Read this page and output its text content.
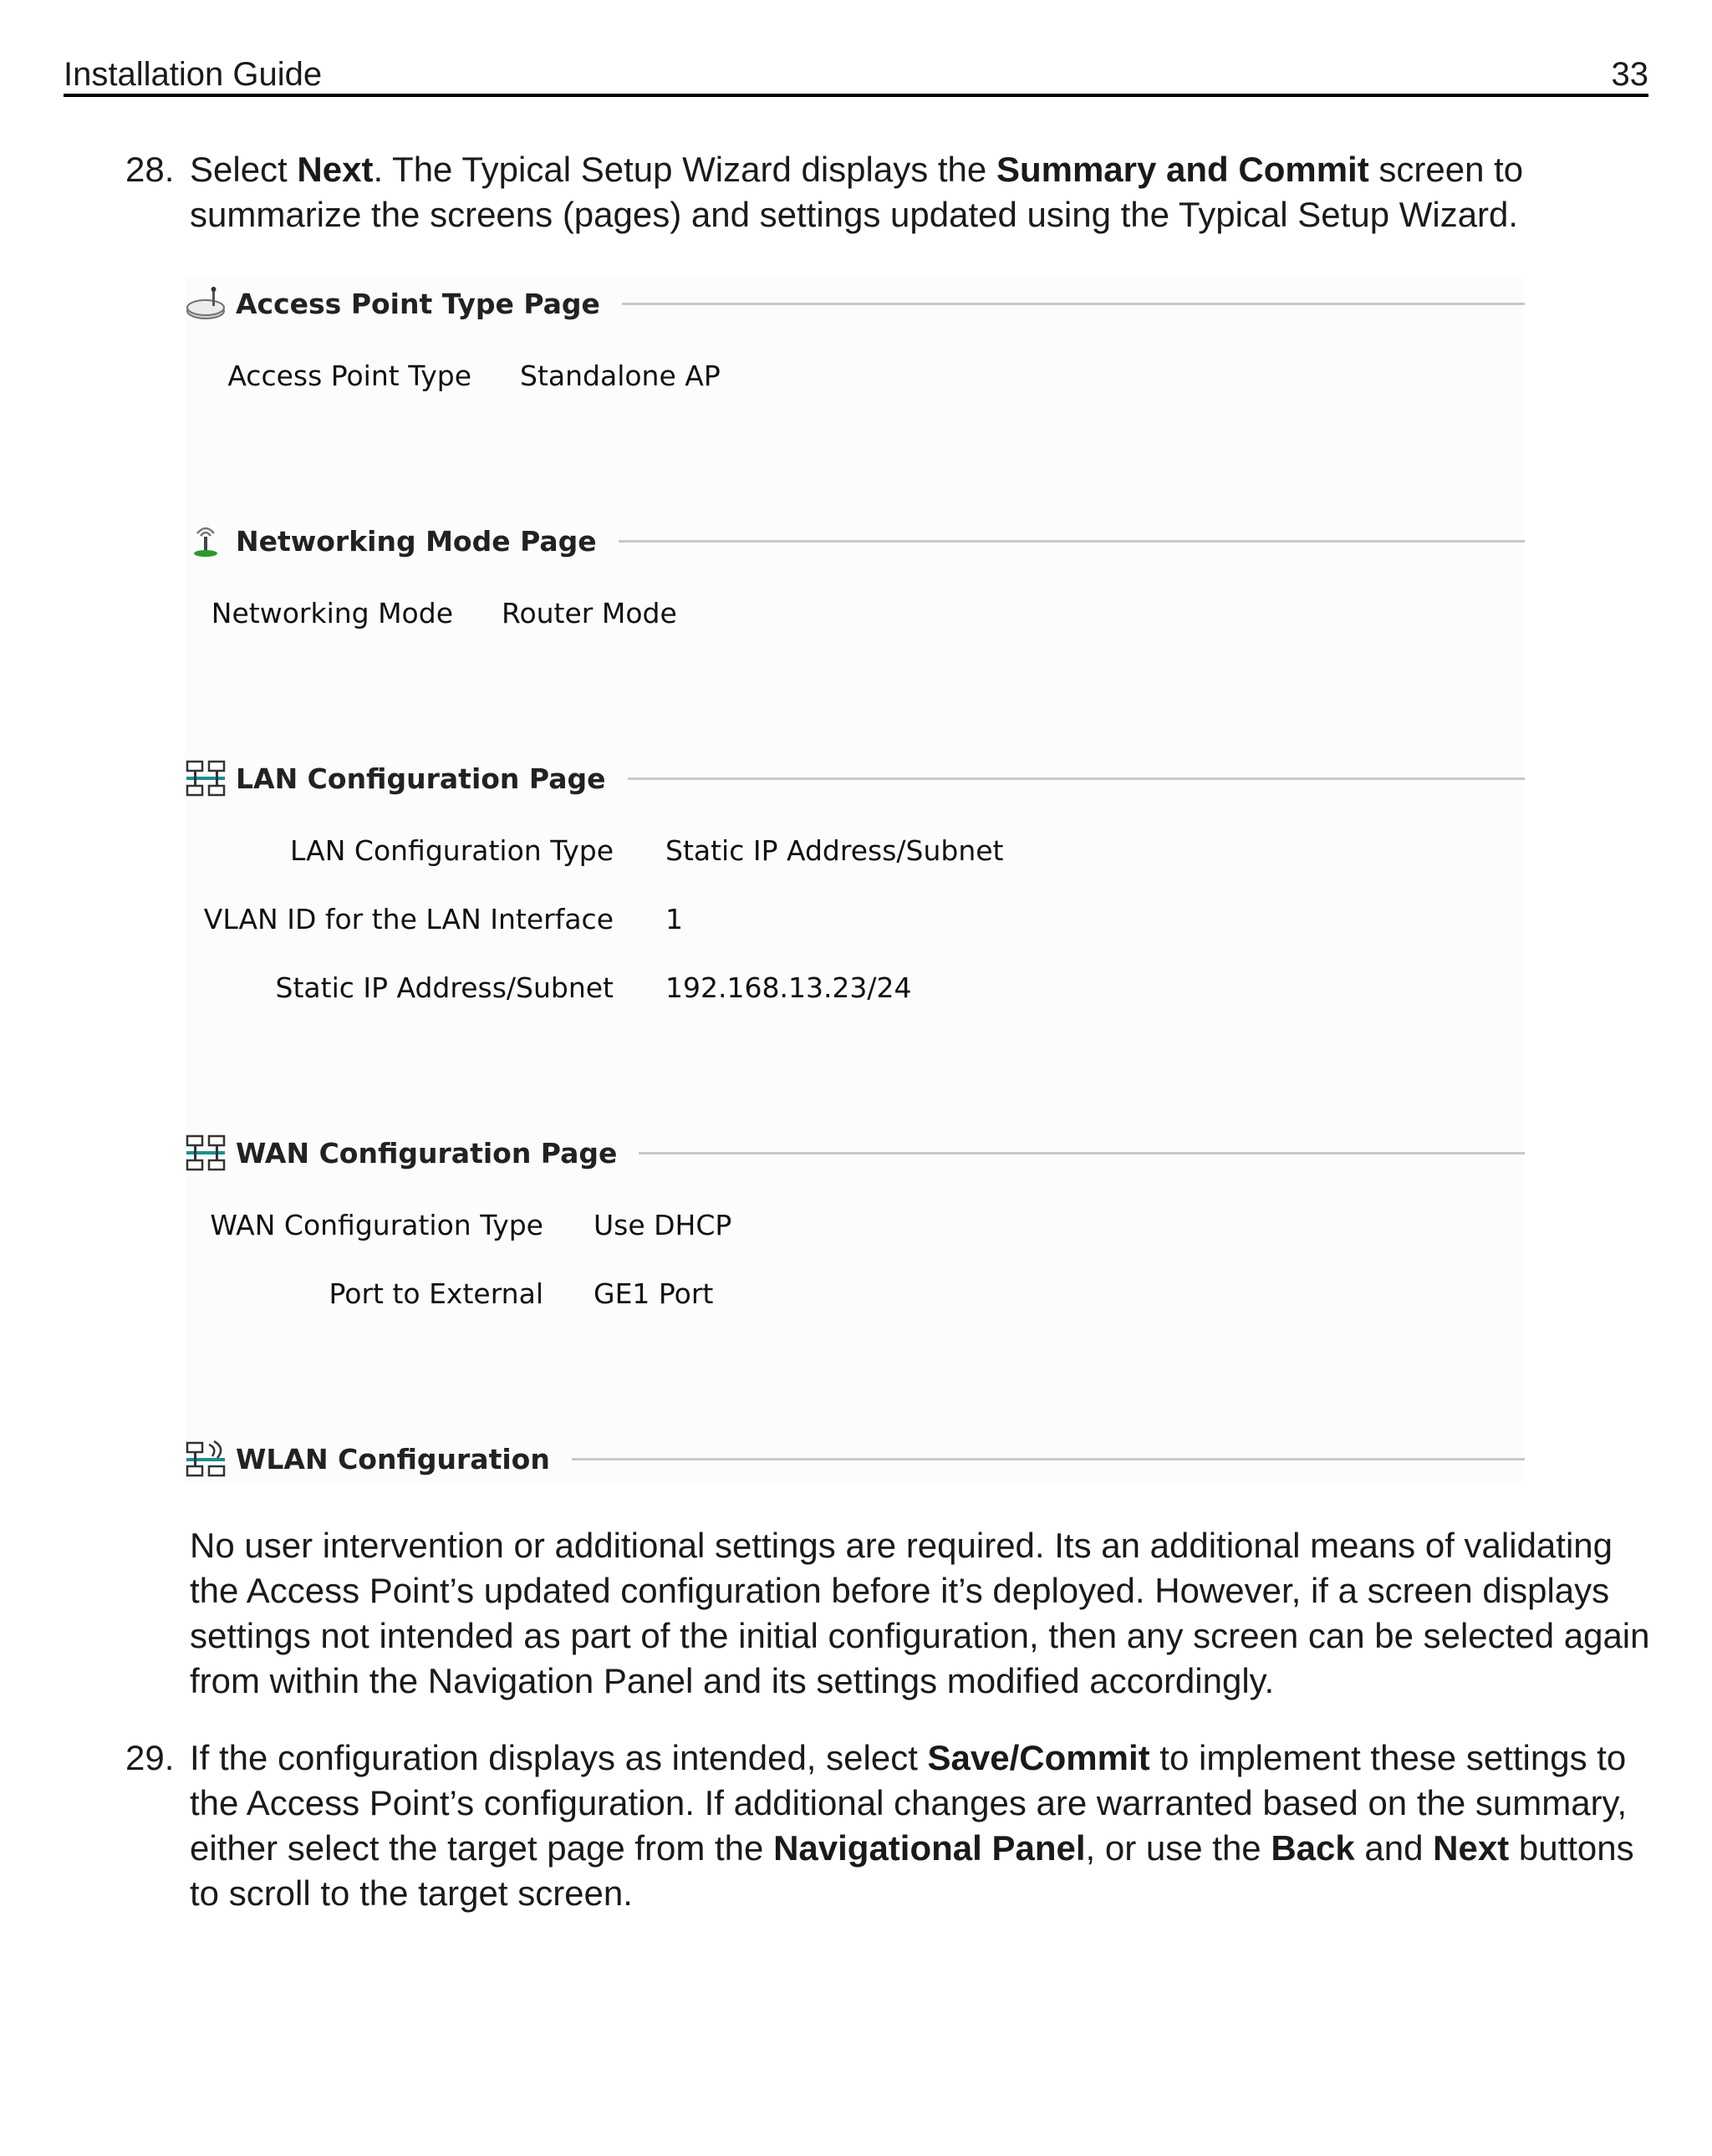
Installation Guide	33
28. Select Next. The Typical Setup Wizard displays the Summary and Commit screen to summarize the screens (pages) and settings updated using the Typical Setup Wizard.
Access Point Type Page
Access Point Type Standalone AP
Networking Mode Page
Networking Mode Router Mode
LAN Configuration Page
LAN Configuration Type Static IP Address/Subnet
VLAN ID for the LAN Interface 1
Static IP Address/Subnet 192.168.13.23/24
WAN Configuration Page
WAN Configuration Type Use DHCP
Port to External GE1 Port
WLAN Configuration
No user intervention or additional settings are required. Its an additional means of validating the Access Point’s updated configuration before it’s deployed. However, if a screen displays settings not intended as part of the initial configuration, then any screen can be selected again from within the Navigation Panel and its settings modified accordingly.
29. If the configuration displays as intended, select Save/Commit to implement these settings to the Access Point’s configuration. If additional changes are warranted based on the summary, either select the target page from the Navigational Panel, or use the Back and Next buttons to scroll to the target screen.
